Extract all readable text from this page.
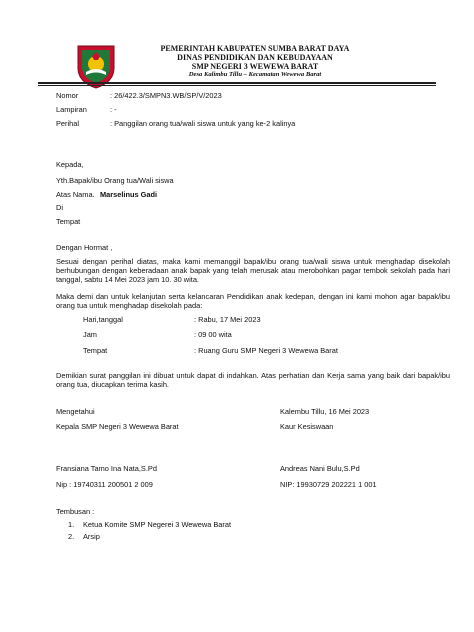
PEMERINTAH KABUPATEN SUMBA BARAT DAYA
DINAS PENDIDIKAN DAN KEBUDAYAAN
SMP NEGERI 3 WEWEWA BARAT
Desa Kalimbu Tillu – Kecamatan Wewewa Barat
Nomor	: 26/422.3/SMPN3.WB/SP/V/2023
Lampiran	: -
Perihal	: Panggilan orang tua/wali siswa untuk yang ke-2 kalinya
Kepada,
Yth.Bapak/ibu Orang tua/Wali siswa
Atas Nama. Marselinus Gadi
Di
Tempat
Dengan Hormat ,
Sesuai dengan perihal diatas, maka kami memanggil bapak/ibu orang tua/wali siswa untuk menghadap disekolah berhubungan dengan keberadaan anak bapak yang telah merusak atau merobohkan pagar tembok sekolah pada hari tanggal, sabtu 14 Mei 2023 jam 10. 30 wita.
Maka demi dan untuk kelanjutan serta kelancaran Pendidikan anak kedepan, dengan ini kami mohon agar bapak/ibu orang tua untuk menghadap disekolah pada:
Hari,tanggal	: Rabu, 17 Mei 2023
Jam	: 09 00 wita
Tempat	: Ruang Guru SMP Negeri 3 Wewewa Barat
Demikian surat panggilan ini dibuat untuk dapat di indahkan. Atas perhatian dan Kerja sama yang baik dari bapak/ibu orang tua, diucapkan terima kasih.
Mengetahui	Kalembu Tillu, 16 Mei 2023
Kepala SMP Negeri 3 Wewewa Barat	Kaur Kesiswaan
Fransiana Tamo Ina Nata,S.Pd	Andreas Nani Bulu,S.Pd
Nip : 19740311 200501 2 009	NIP: 19930729 202221 1 001
Tembusan :
1. Ketua Komite SMP Negerei 3 Wewewa Barat
2. Arsip
